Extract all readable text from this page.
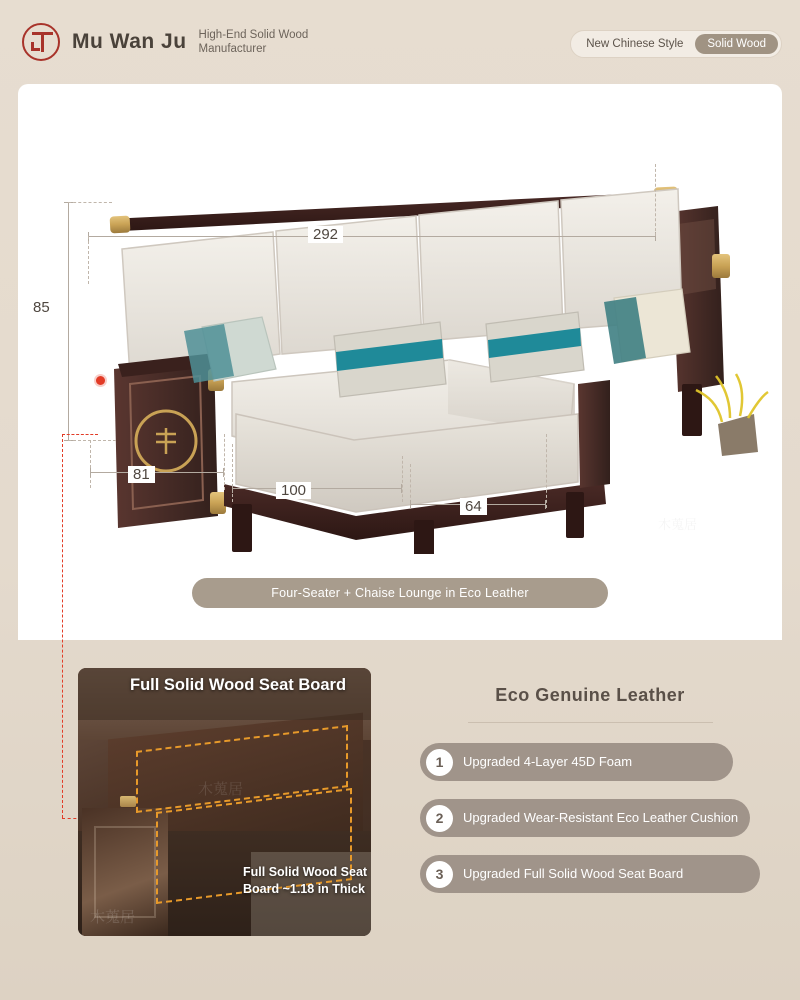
Mu Wan Ju High-End Solid Wood Manufacturer	New Chinese Style	Solid Wood
292
85
81
100
64
Four-Seater + Chaise Lounge in Eco Leather
木蒐居
木蒐居
Full Solid Wood Seat Board
Full Solid Wood Seat Board ~1.18 in Thick
Eco Genuine Leather
1	Upgraded 4-Layer 45D Foam
2	Upgraded Wear-Resistant Eco Leather Cushion
3	Upgraded Full Solid Wood Seat Board
